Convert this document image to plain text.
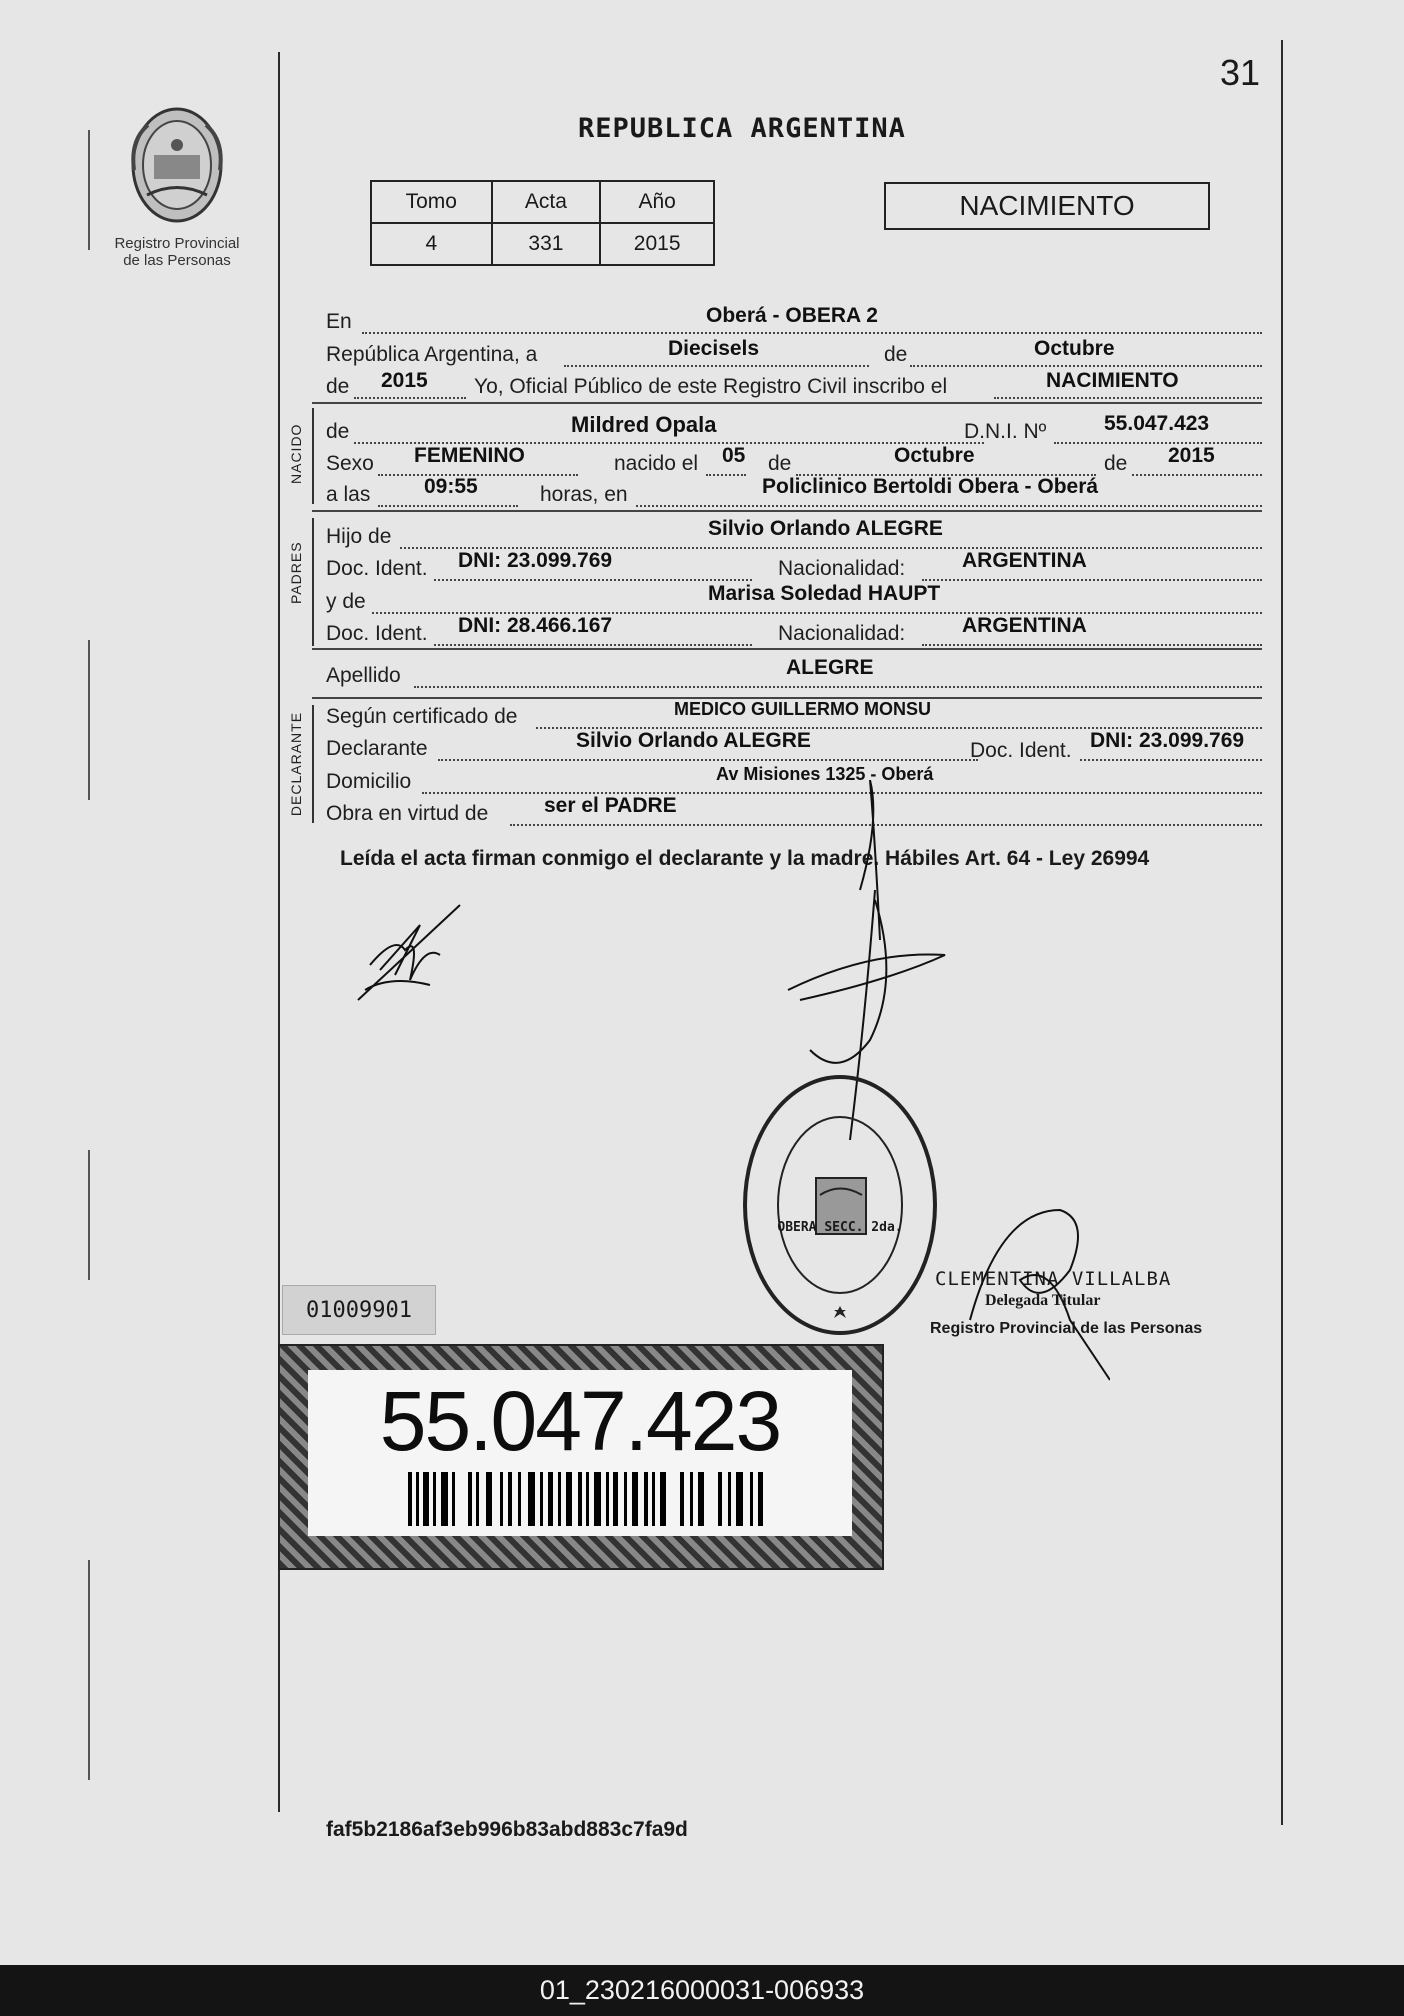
31
Registro Provincial
de las Personas
REPUBLICA ARGENTINA
Tomo	Acta	Año
4	331	2015
NACIMIENTO
En	Oberá - OBERA 2
República Argentina, a	Diecisels	de	Octubre
de 2015 Yo, Oficial Público de este Registro Civil inscribo el	NACIMIENTO
NACIDO de	Mildred Opala	D.N.I. Nº	55.047.423
Sexo FEMENINO	nacido el 05 de	Octubre	de 2015
a las	09:55	horas, en	Policlinico Bertoldi Obera - Oberá
PADRES
Hijo de	Silvio Orlando ALEGRE
Doc. Ident. DNI: 23.099.769	Nacionalidad:	ARGENTINA
y de	Marisa Soledad HAUPT
Doc. Ident. DNI: 28.466.167	Nacionalidad:	ARGENTINA
Apellido	ALEGRE
DECLARANTE Según certificado de	MEDICO GUILLERMO MONSU
Declarante	Silvio Orlando ALEGRE	Doc. Ident. DNI: 23.099.769
Domicilio	Av Misiones 1325 - Oberá
Obra en virtud de	ser el PADRE
Leída el acta firman conmigo el declarante y la madre. Hábiles Art. 64 - Ley 26994
OBERA SECC. 2da.
CLEMENTINA VILLALBA
Delegada Titular
Registro Provincial de las Personas
01009901
55.047.423
faf5b2186af3eb996b83abd883c7fa9d
01_230216000031-006933
